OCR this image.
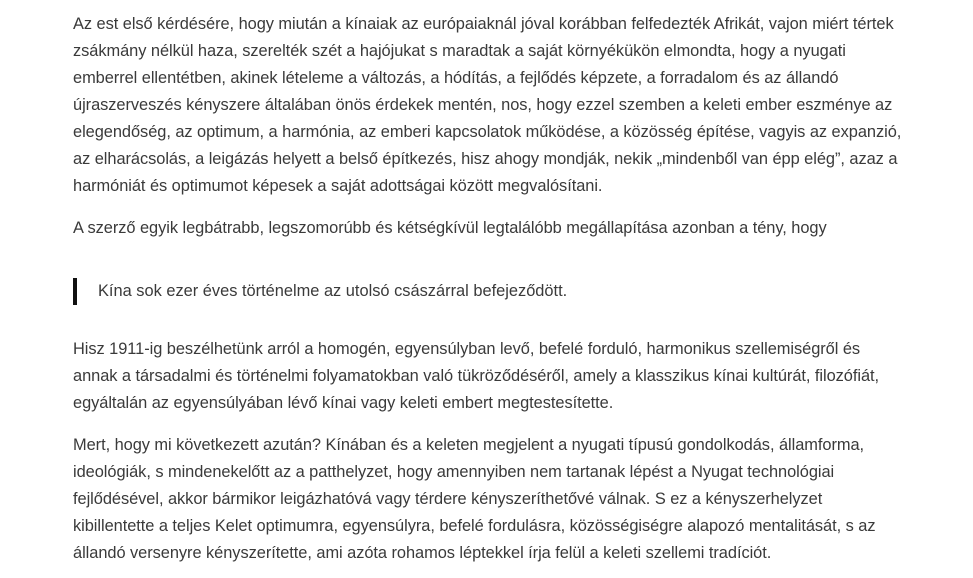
Az est első kérdésére, hogy miután a kínaiak az európaiaknál jóval korábban felfedezték Afrikát, vajon miért tértek zsákmány nélkül haza, szerelték szét a hajójukat s maradtak a saját környékükön elmondta, hogy a nyugati emberrel ellentétben, akinek lételeme a változás, a hódítás, a fejlődés képzete, a forradalom és az állandó újraszerveszés kényszere általában önös érdekek mentén, nos, hogy ezzel szemben a keleti ember eszménye az elegendőség, az optimum, a harmónia, az emberi kapcsolatok működése, a közösség építése, vagyis az expanzió, az elharácsolás, a leigázás helyett a belső építkezés, hisz ahogy mondják, nekik „mindenből van épp elég”, azaz a harmóniát és optimumot képesek a saját adottságai között megvalósítani.

A szerző egyik legbátrabb, legszomorúbb és kétségkívül legtalálóbb megállapítása azonban a tény, hogy

Kína sok ezer éves történelme az utolsó császárral befejeződött.

Hisz 1911-ig beszélhetünk arról a homogén, egyensúlyban levő, befelé forduló, harmonikus szellemiségről és annak a társadalmi és történelmi folyamatokban való tükröződéséről, amely a klasszikus kínai kultúrát, filozófiát, egyáltalán az egyensúlyában lévő kínai vagy keleti embert megtestesítette.

Mert, hogy mi következett azután? Kínában és a keleten megjelent a nyugati típusú gondolkodás, államforma, ideológiák, s mindenekelőtt az a patthelyzet, hogy amennyiben nem tartanak lépést a Nyugat technológiai fejlődésével, akkor bármikor leigázhatóvá vagy térdere kényszeríthetővé válnak. S ez a kényszerhelyzet kibillentette a teljes Kelet optimumra, egyensúlyra, befelé fordulásra, közösségiségre alapozó mentalitását, s az állandó versenyre kényszerítette, ami azóta rohamos léptekkel írja felül a keleti szellemi tradíciót.
